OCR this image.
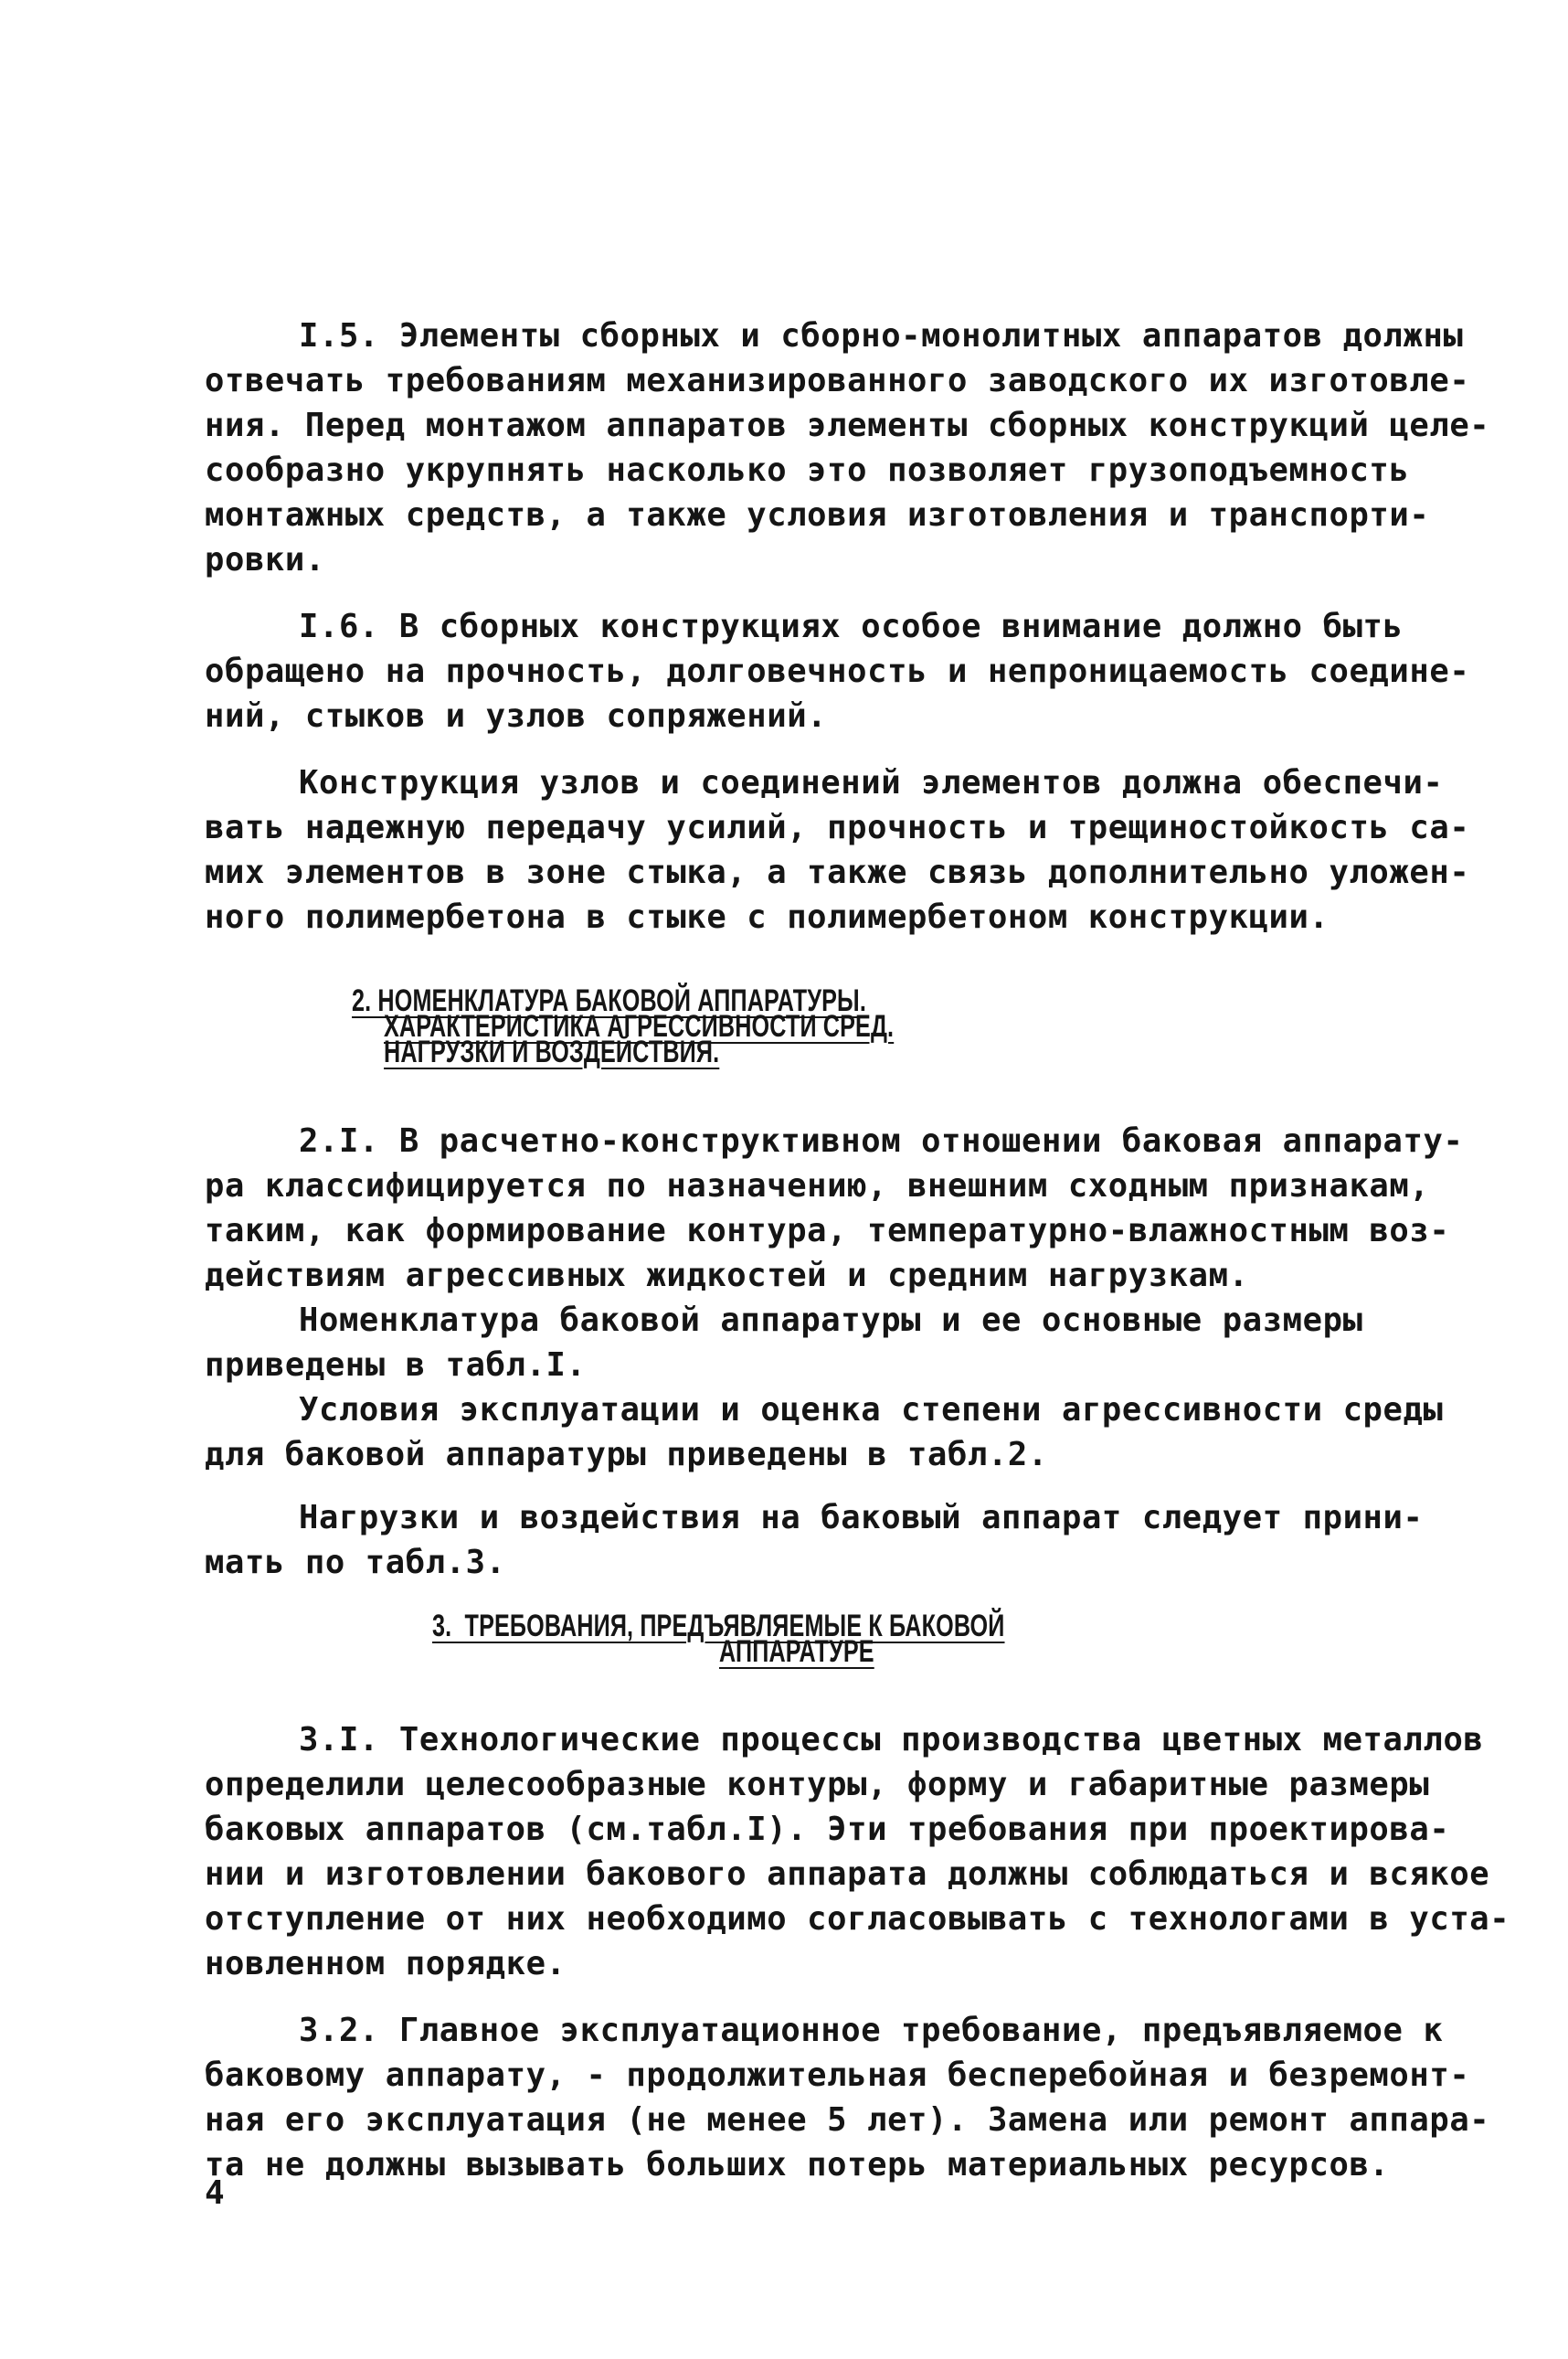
I.5. Элементы сборных и сборно-монолитных аппаратов должны
отвечать требованиям механизированного заводского их изготовле-
ния. Перед монтажом аппаратов элементы сборных конструкций целе-
сообразно укрупнять насколько это позволяет грузоподъемность
монтажных средств, а также условия изготовления и транспорти-
ровки.
I.6. В сборных конструкциях особое внимание должно быть
обращено на прочность, долговечность и непроницаемость соедине-
ний, стыков и узлов сопряжений.
Конструкция узлов и соединений элементов должна обеспечи-
вать надежную передачу усилий, прочность и трещиностойкость са-
мих элементов в зоне стыка, а также связь дополнительно уложен-
ного полимербетона в стыке с полимербетоном конструкции.
2. НОМЕНКЛАТУРА БАКОВОЙ АППАРАТУРЫ.
ХАРАКТЕРИСТИКА АГРЕССИВНОСТИ СРЕД.
НАГРУЗКИ И ВОЗДЕЙСТВИЯ.
2.I. В расчетно-конструктивном отношении баковая аппарату-
ра классифицируется по назначению, внешним сходным признакам,
таким, как формирование контура, температурно-влажностным воз-
действиям агрессивных жидкостей и средним нагрузкам.
Номенклатура баковой аппаратуры и ее основные размеры
приведены в табл.I.
Условия эксплуатации и оценка степени агрессивности среды
для баковой аппаратуры приведены в табл.2.
Нагрузки и воздействия на баковый аппарат следует прини-
мать по табл.3.
3.  ТРЕБОВАНИЯ, ПРЕДЪЯВЛЯЕМЫЕ К БАКОВОЙ
АППАРАТУРЕ
3.I. Технологические процессы производства цветных металлов
определили целесообразные контуры, форму и габаритные размеры
баковых аппаратов (см.табл.I). Эти требования при проектирова-
нии и изготовлении бакового аппарата должны соблюдаться и всякое
отступление от них необходимо согласовывать с технологами в уста-
новленном порядке.
3.2. Главное эксплуатационное требование, предъявляемое к
баковому аппарату, - продолжительная бесперебойная и безремонт-
ная его эксплуатация (не менее 5 лет). Замена или ремонт аппара-
та не должны вызывать больших потерь материальных ресурсов.
4
